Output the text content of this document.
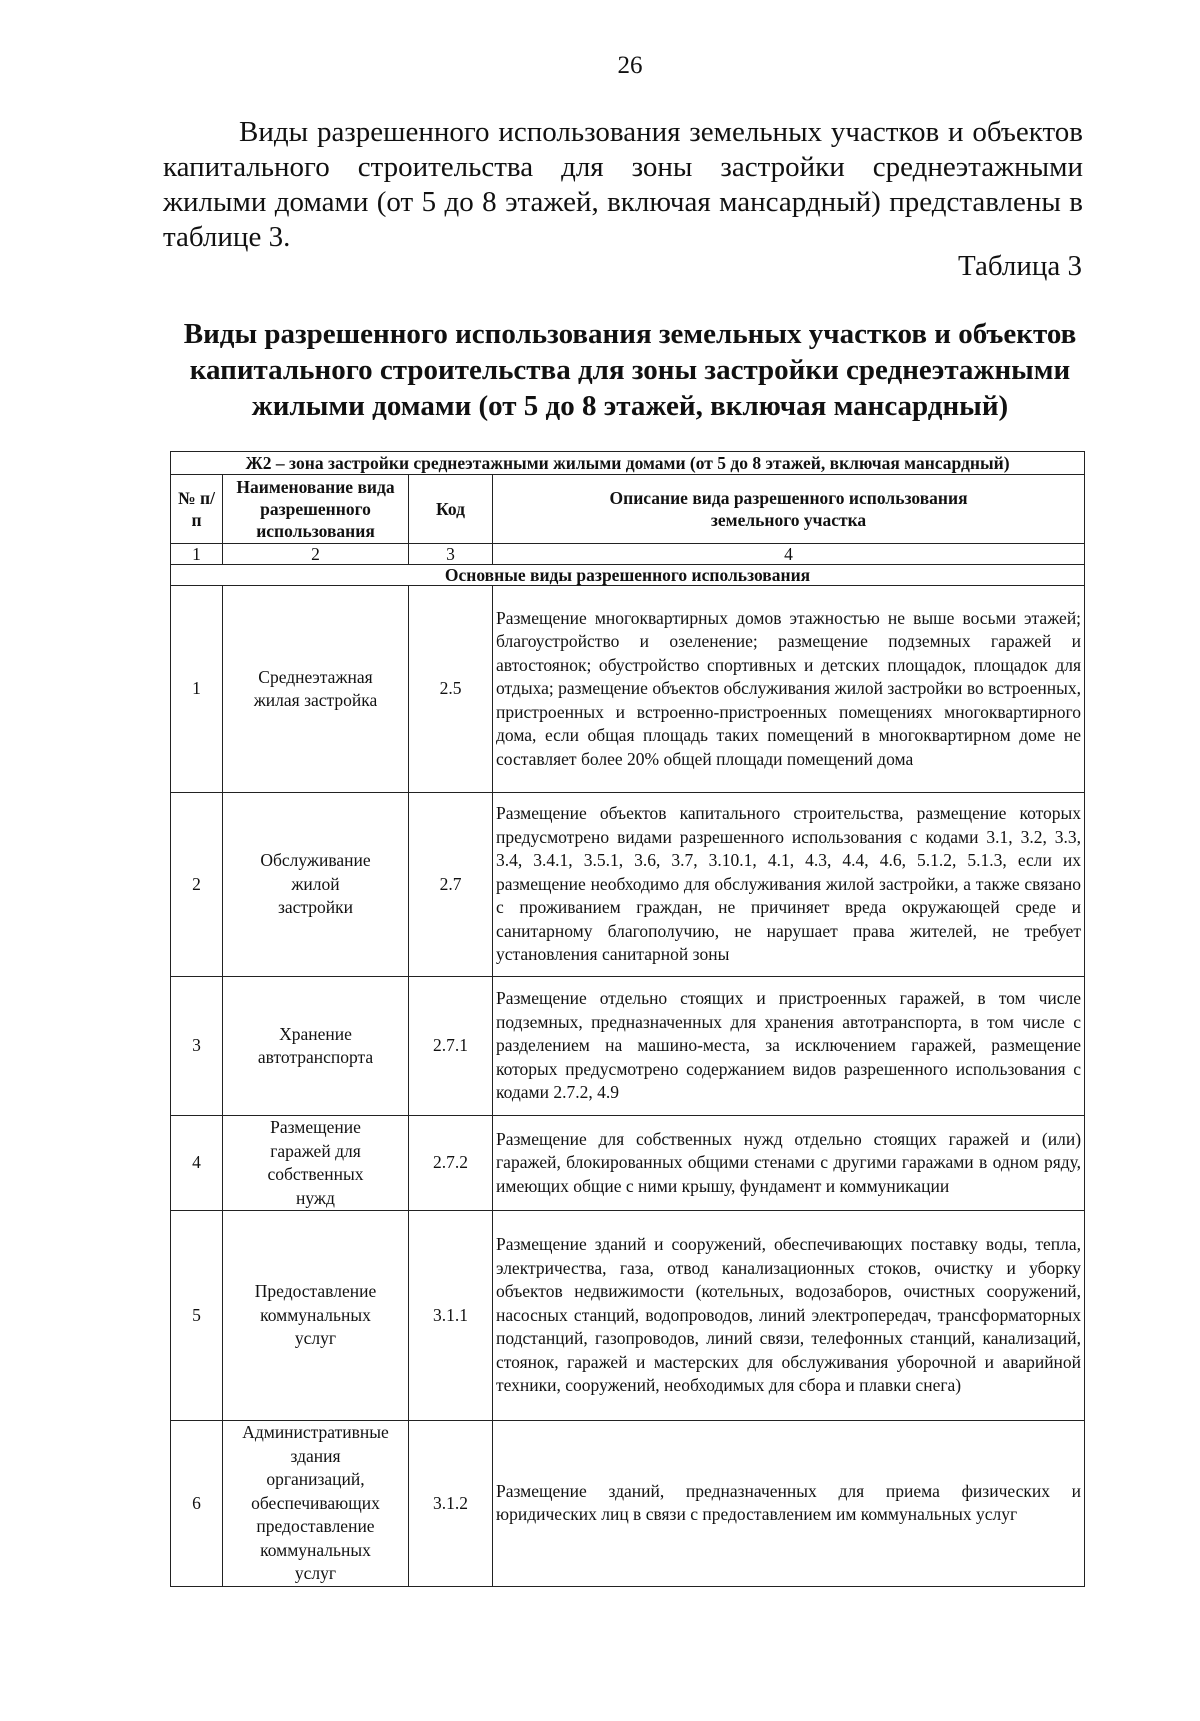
26

Виды разрешенного использования земельных участков и объектов капитального строительства для зоны застройки среднеэтажными жилыми домами (от 5 до 8 этажей, включая мансардный) представлены в таблице 3.

Таблица 3
Виды разрешенного использования земельных участков и объектов капитального строительства для зоны застройки среднеэтажными жилыми домами (от 5 до 8 этажей, включая мансардный)
Ж2 – зона застройки среднеэтажными жилыми домами (от 5 до 8 этажей, включая мансардный)			
№ п/п	Наименование вида разрешенного использования	Код	Описание вида разрешенного использования земельного участка
1	2	3	4
Основные виды разрешенного использования			
1	Среднеэтажная жилая застройка	2.5	Размещение многоквартирных домов этажностью не выше восьми этажей; благоустройство и озеленение; размещение подземных гаражей и автостоянок; обустройство спортивных и детских площадок, площадок для отдыха; размещение объектов обслуживания жилой застройки во встроенных, пристроенных и встроенно-пристроенных помещениях многоквартирного дома, если общая площадь таких помещений в многоквартирном доме не составляет более 20% общей площади помещений дома
2	Обслуживание жилой застройки	2.7	Размещение объектов капитального строительства, размещение которых предусмотрено видами разрешенного использования с кодами 3.1, 3.2, 3.3, 3.4, 3.4.1, 3.5.1, 3.6, 3.7, 3.10.1, 4.1, 4.3, 4.4, 4.6, 5.1.2, 5.1.3, если их размещение необходимо для обслуживания жилой застройки, а также связано с проживанием граждан, не причиняет вреда окружающей среде и санитарному благополучию, не нарушает права жителей, не требует установления санитарной зоны
3	Хранение автотранспорта	2.7.1	Размещение отдельно стоящих и пристроенных гаражей, в том числе подземных, предназначенных для хранения автотранспорта, в том числе с разделением на машино-места, за исключением гаражей, размещение которых предусмотрено содержанием видов разрешенного использования с кодами 2.7.2, 4.9
4	Размещение гаражей для собственных нужд	2.7.2	Размещение для собственных нужд отдельно стоящих гаражей и (или) гаражей, блокированных общими стенами с другими гаражами в одном ряду, имеющих общие с ними крышу, фундамент и коммуникации
5	Предоставление коммунальных услуг	3.1.1	Размещение зданий и сооружений, обеспечивающих поставку воды, тепла, электричества, газа, отвод канализационных стоков, очистку и уборку объектов недвижимости (котельных, водозаборов, очистных сооружений, насосных станций, водопроводов, линий электропередач, трансформаторных подстанций, газопроводов, линий связи, телефонных станций, канализаций, стоянок, гаражей и мастерских для обслуживания уборочной и аварийной техники, сооружений, необходимых для сбора и плавки снега)
6	Административные здания организаций, обеспечивающих предоставление коммунальных услуг	3.1.2	Размещение зданий, предназначенных для приема физических и юридических лиц в связи с предоставлением им коммунальных услуг
